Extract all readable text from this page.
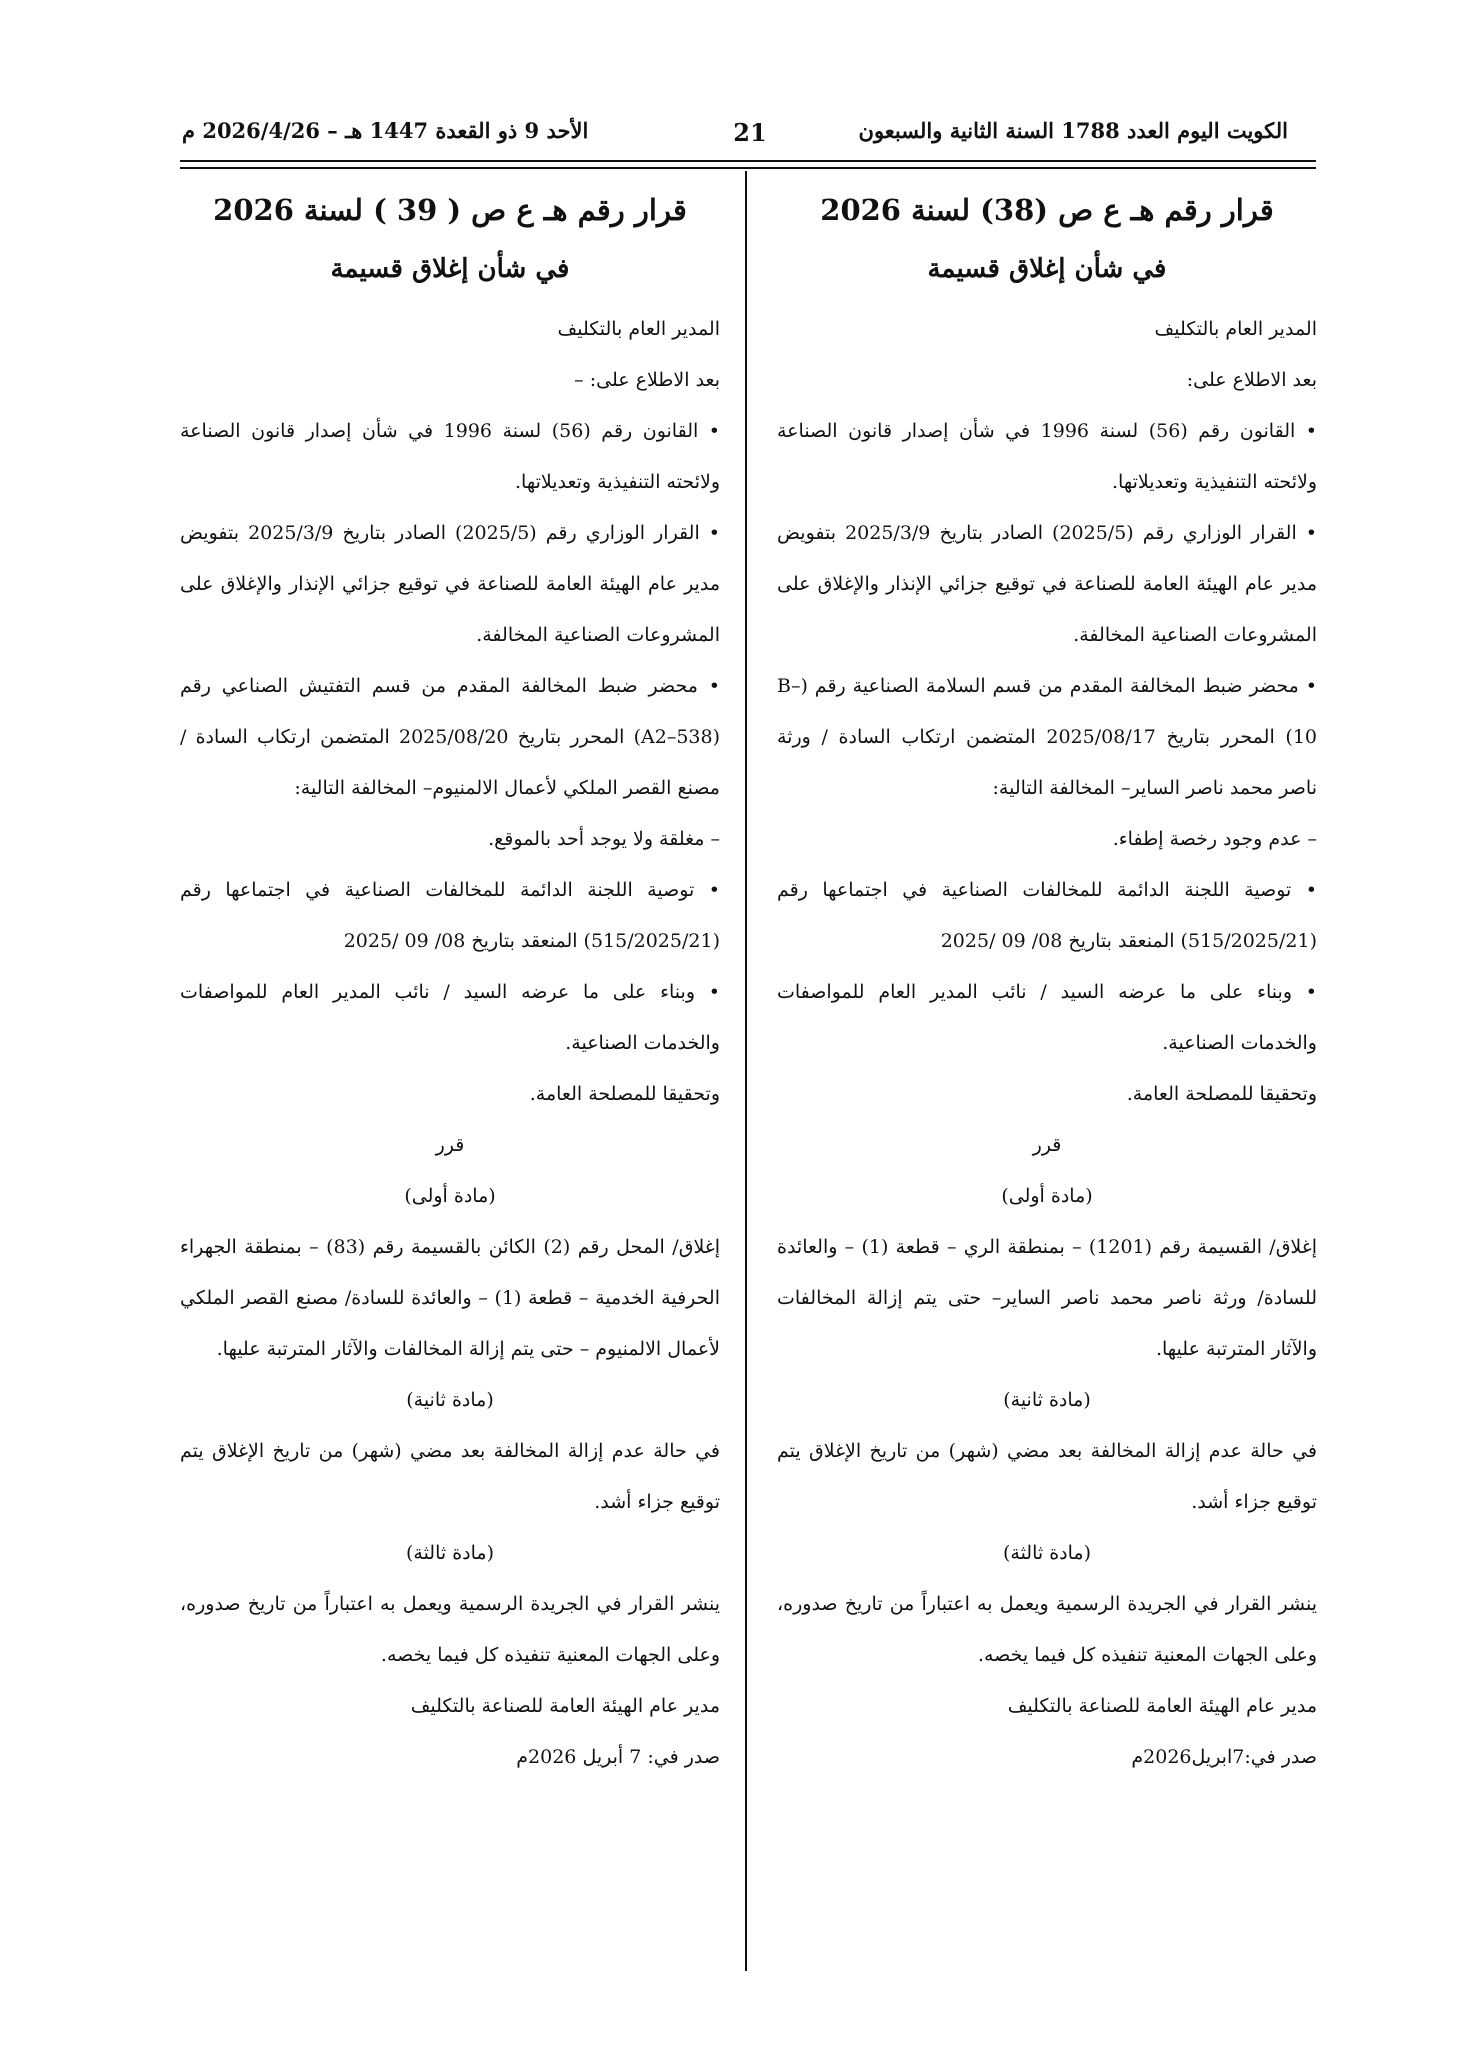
الكويت اليوم العدد 1788 السنة الثانية والسبعون
21
الأحد 9 ذو القعدة 1447 هـ – 2026/4/26 م

قرار رقم هـ ع ص (38) لسنة 2026

في شأن إغلاق قسيمة

المدير العام بالتكليف

بعد الاطلاع على:

• القانون رقم (56) لسنة 1996 في شأن إصدار قانون الصناعة ولائحته التنفيذية وتعديلاتها.

• القرار الوزاري رقم (2025/5) الصادر بتاريخ 2025/3/9 بتفويض مدير عام الهيئة العامة للصناعة في توقيع جزائي الإنذار والإغلاق على المشروعات الصناعية المخالفة.

• محضر ضبط المخالفة المقدم من قسم السلامة الصناعية رقم (B–10) المحرر بتاريخ 2025/08/17 المتضمن ارتكاب السادة / ورثة ناصر محمد ناصر الساير– المخالفة التالية:

– عدم وجود رخصة إطفاء.

• توصية اللجنة الدائمة للمخالفات الصناعية في اجتماعها رقم (515/2025/21) المنعقد بتاريخ 08/ 09 /2025

• وبناء على ما عرضه السيد / نائب المدير العام للمواصفات والخدمات الصناعية.

وتحقيقا للمصلحة العامة.

قرر

(مادة أولى)

إغلاق/ القسيمة رقم (1201) – بمنطقة الري – قطعة (1) – والعائدة للسادة/ ورثة ناصر محمد ناصر الساير– حتى يتم إزالة المخالفات والآثار المترتبة عليها.

(مادة ثانية)

في حالة عدم إزالة المخالفة بعد مضي (شهر) من تاريخ الإغلاق يتم توقيع جزاء أشد.

(مادة ثالثة)

ينشر القرار في الجريدة الرسمية ويعمل به اعتباراً من تاريخ صدوره، وعلى الجهات المعنية تنفيذه كل فيما يخصه.

مدير عام الهيئة العامة للصناعة بالتكليف

صدر في:7ابريل2026م

قرار رقم هـ ع ص ( 39 ) لسنة 2026

في شأن إغلاق قسيمة

المدير العام بالتكليف

بعد الاطلاع على: –

• القانون رقم (56) لسنة 1996 في شأن إصدار قانون الصناعة ولائحته التنفيذية وتعديلاتها.

• القرار الوزاري رقم (2025/5) الصادر بتاريخ 2025/3/9 بتفويض مدير عام الهيئة العامة للصناعة في توقيع جزائي الإنذار والإغلاق على المشروعات الصناعية المخالفة.

• محضر ضبط المخالفة المقدم من قسم التفتيش الصناعي رقم (A2–538) المحرر بتاريخ 2025/08/20 المتضمن ارتكاب السادة / مصنع القصر الملكي لأعمال الالمنيوم– المخالفة التالية:

– مغلقة ولا يوجد أحد بالموقع.

• توصية اللجنة الدائمة للمخالفات الصناعية في اجتماعها رقم (515/2025/21) المنعقد بتاريخ 08/ 09 /2025

• وبناء على ما عرضه السيد / نائب المدير العام للمواصفات والخدمات الصناعية.

وتحقيقا للمصلحة العامة.

قرر

(مادة أولى)

إغلاق/ المحل رقم (2) الكائن بالقسيمة رقم (83) – بمنطقة الجهراء الحرفية الخدمية – قطعة (1) – والعائدة للسادة/ مصنع القصر الملكي لأعمال الالمنيوم – حتى يتم إزالة المخالفات والآثار المترتبة عليها.

(مادة ثانية)

في حالة عدم إزالة المخالفة بعد مضي (شهر) من تاريخ الإغلاق يتم توقيع جزاء أشد.

(مادة ثالثة)

ينشر القرار في الجريدة الرسمية ويعمل به اعتباراً من تاريخ صدوره، وعلى الجهات المعنية تنفيذه كل فيما يخصه.

مدير عام الهيئة العامة للصناعة بالتكليف

صدر في: 7 أبريل 2026م
